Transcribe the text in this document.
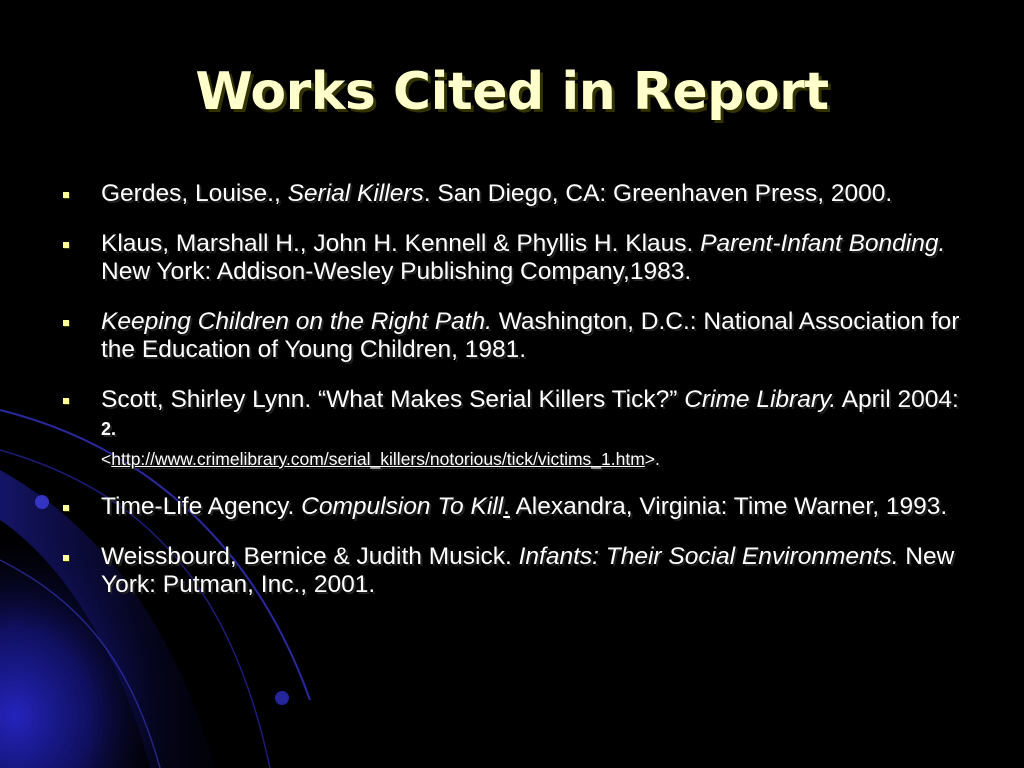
Works Cited in Report
Gerdes, Louise., Serial Killers. San Diego, CA: Greenhaven Press, 2000.
Klaus, Marshall H., John H. Kennell & Phyllis H. Klaus. Parent-Infant Bonding. New York: Addison-Wesley Publishing Company,1983.
Keeping Children on the Right Path. Washington, D.C.: National Association for the Education of Young Children, 1981.
Scott, Shirley Lynn. “What Makes Serial Killers Tick?” Crime Library. April 2004: 2.
<http://www.crimelibrary.com/serial_killers/notorious/tick/victims_1.htm>.
Time-Life Agency. Compulsion To Kill. Alexandra, Virginia: Time Warner, 1993.
Weissbourd, Bernice & Judith Musick. Infants: Their Social Environments. New York: Putman, Inc., 2001.
